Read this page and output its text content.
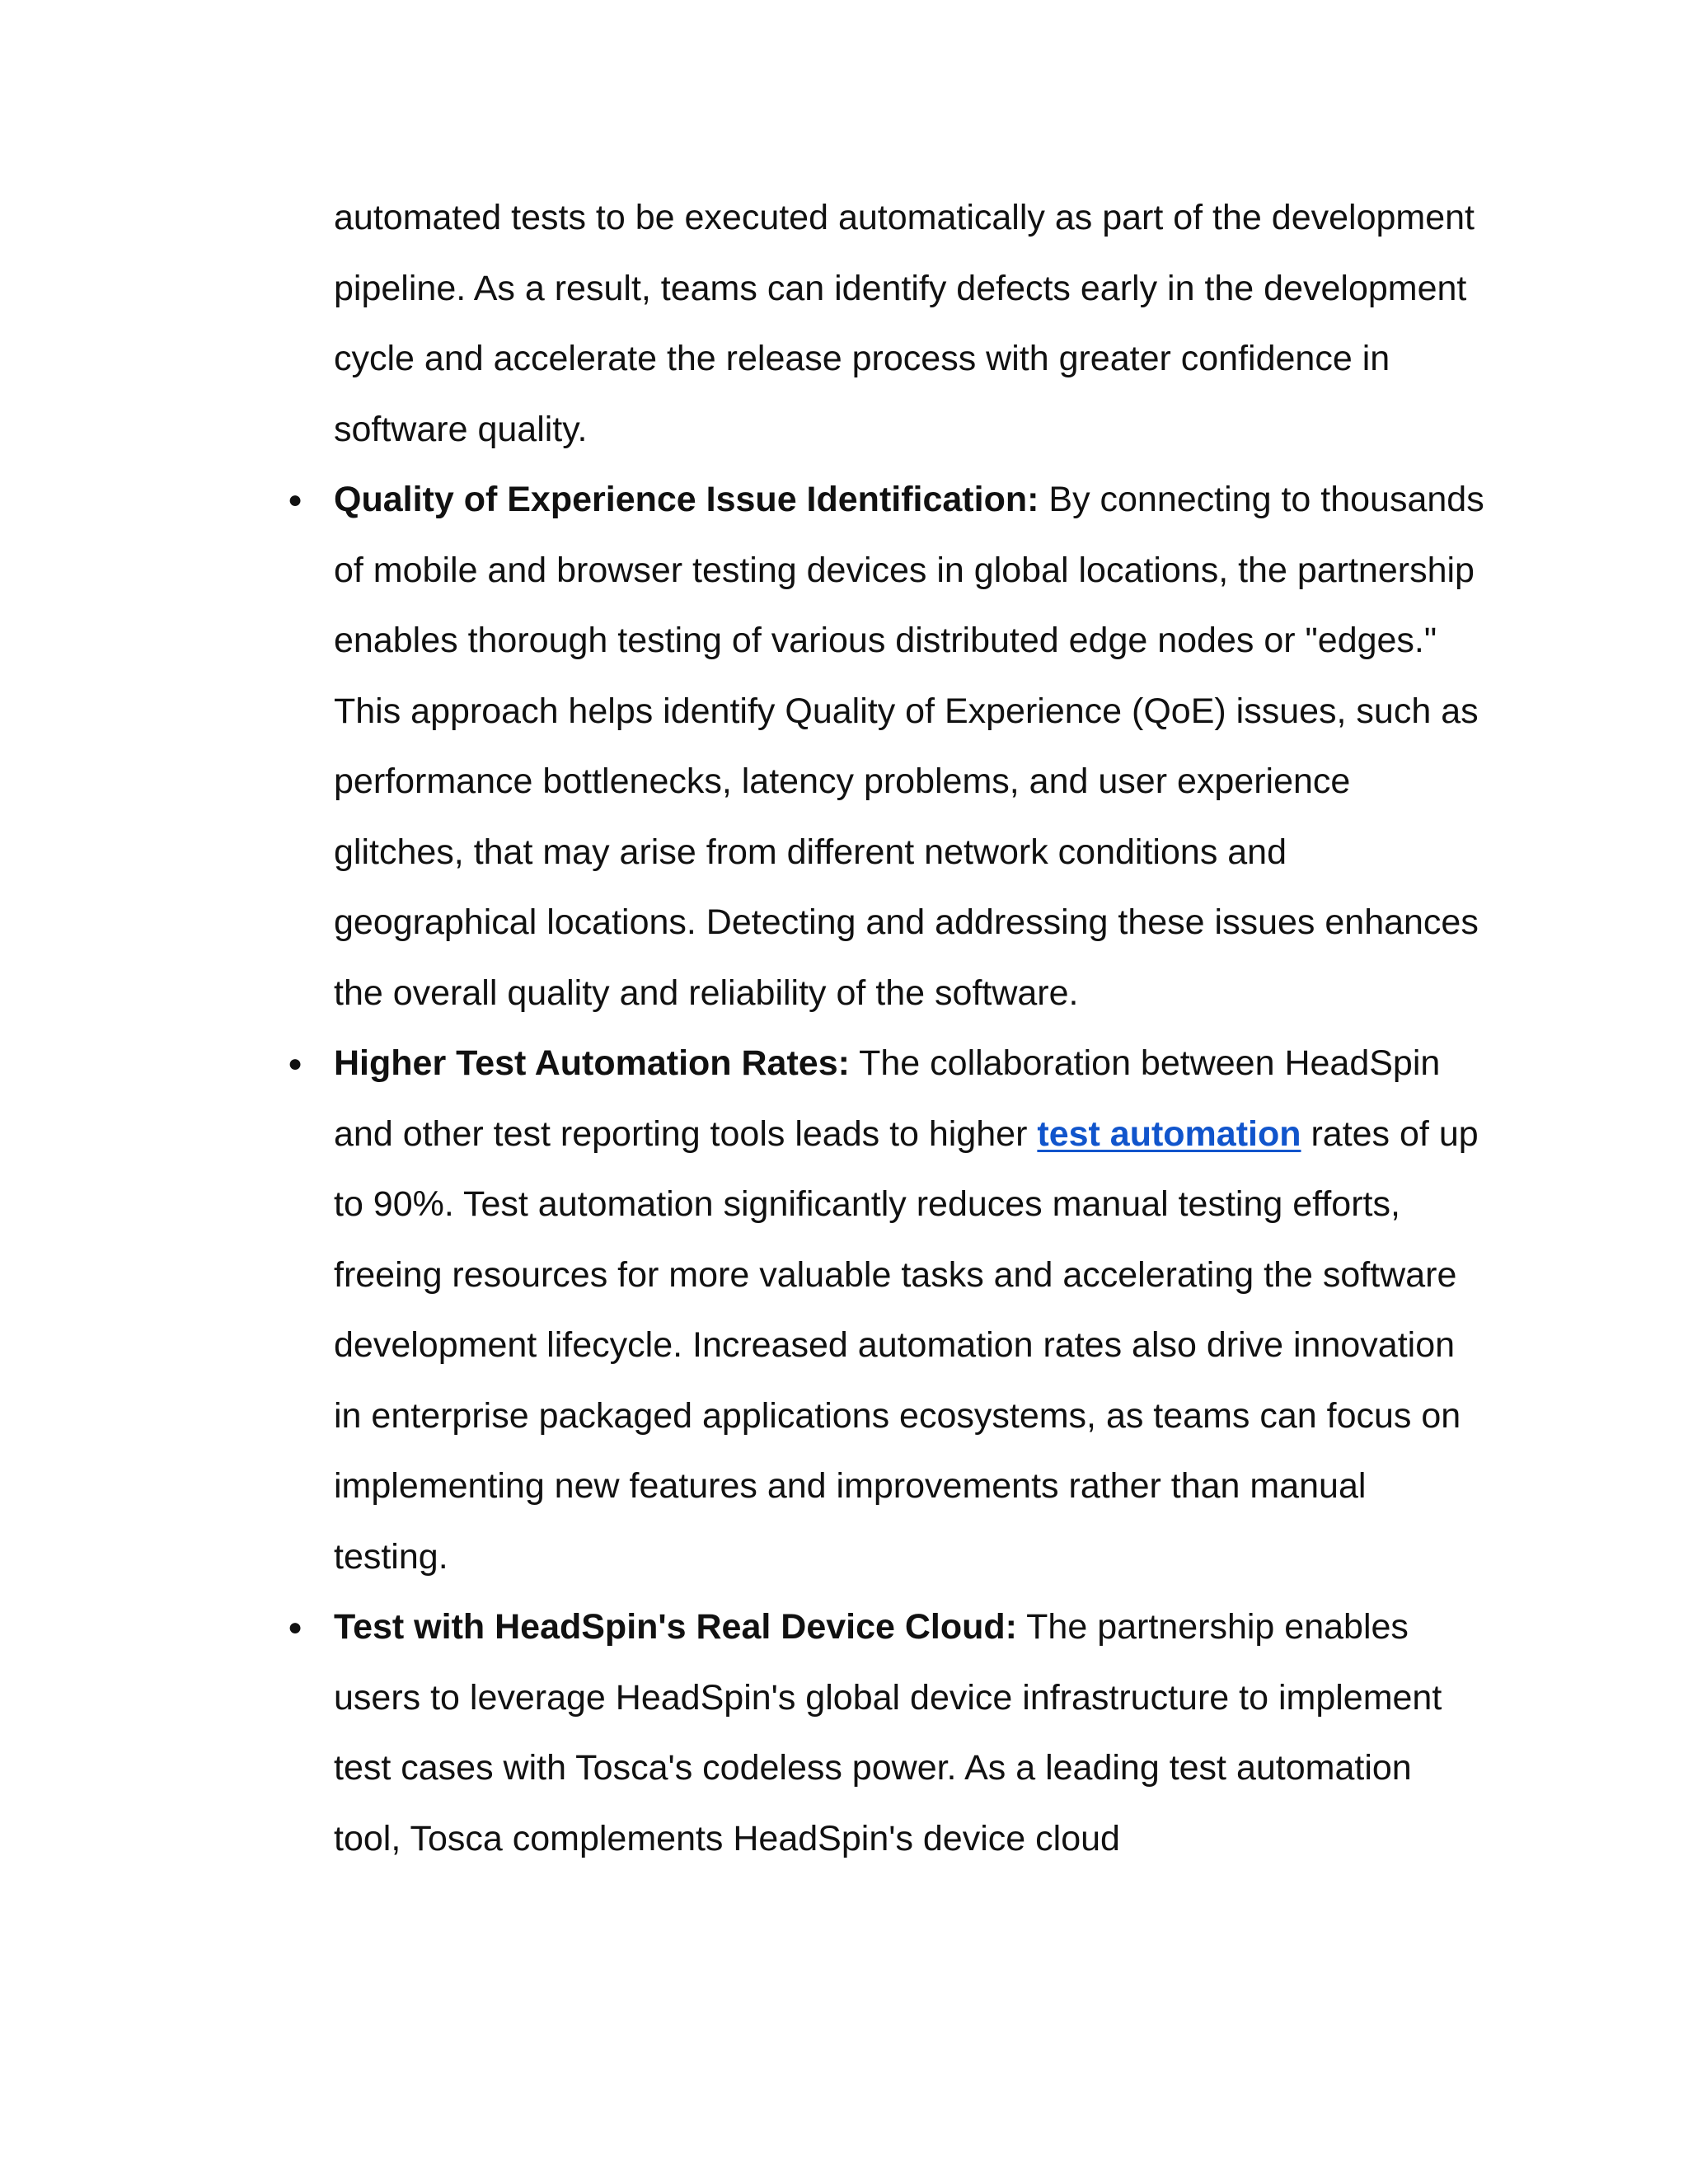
automated tests to be executed automatically as part of the development pipeline. As a result, teams can identify defects early in the development cycle and accelerate the release process with greater confidence in software quality.

● Quality of Experience Issue Identification: By connecting to thousands of mobile and browser testing devices in global locations, the partnership enables thorough testing of various distributed edge nodes or "edges." This approach helps identify Quality of Experience (QoE) issues, such as performance bottlenecks, latency problems, and user experience glitches, that may arise from different network conditions and geographical locations. Detecting and addressing these issues enhances the overall quality and reliability of the software.
● Higher Test Automation Rates: The collaboration between HeadSpin and other test reporting tools leads to higher test automation rates of up to 90%. Test automation significantly reduces manual testing efforts, freeing resources for more valuable tasks and accelerating the software development lifecycle. Increased automation rates also drive innovation in enterprise packaged applications ecosystems, as teams can focus on implementing new features and improvements rather than manual testing.
● Test with HeadSpin's Real Device Cloud: The partnership enables users to leverage HeadSpin's global device infrastructure to implement test cases with Tosca's codeless power. As a leading test automation tool, Tosca complements HeadSpin's device cloud
